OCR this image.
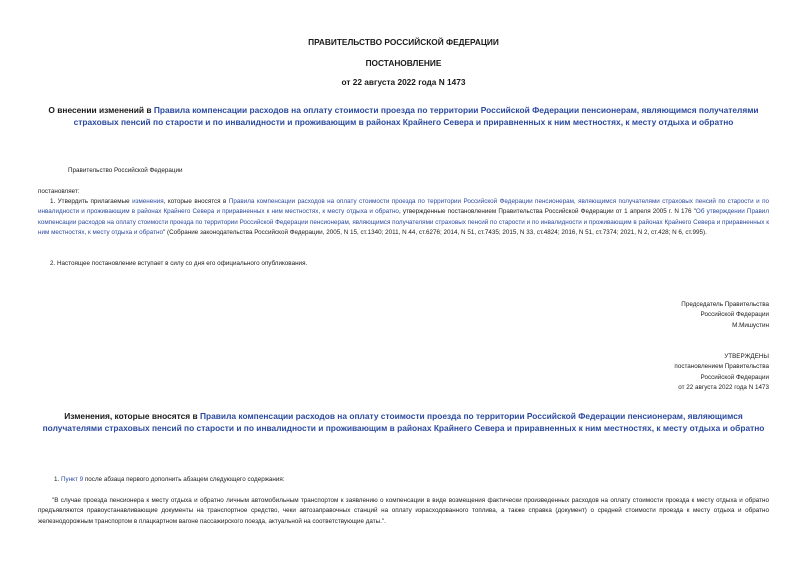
ПРАВИТЕЛЬСТВО РОССИЙСКОЙ ФЕДЕРАЦИИ
ПОСТАНОВЛЕНИЕ
от 22 августа 2022 года N 1473
О внесении изменений в Правила компенсации расходов на оплату стоимости проезда по территории Российской Федерации пенсионерам, являющимся получателями страховых пенсий по старости и по инвалидности и проживающим в районах Крайнего Севера и приравненных к ним местностях, к месту отдыха и обратно
Правительство Российской Федерации
постановляет:
1. Утвердить прилагаемые изменения, которые вносятся в Правила компенсации расходов на оплату стоимости проезда по территории Российской Федерации пенсионерам, являющимся получателями страховых пенсий по старости и по инвалидности и проживающим в районах Крайнего Севера и приравненных к ним местностях, к месту отдыха и обратно, утвержденные постановлением Правительства Российской Федерации от 1 апреля 2005 г. N 176 "Об утверждении Правил компенсации расходов на оплату стоимости проезда по территории Российской Федерации пенсионерам, являющимся получателями страховых пенсий по старости и по инвалидности и проживающим в районах Крайнего Севера и приравненных к ним местностях, к месту отдыха и обратно" (Собрание законодательства Российской Федерации, 2005, N 15, ст.1340; 2011, N 44, ст.6276; 2014, N 51, ст.7435; 2015, N 33, ст.4824; 2016, N 51, ст.7374; 2021, N 2, ст.428; N 6, ст.995).
2. Настоящее постановление вступает в силу со дня его официального опубликования.
Председатель Правительства
Российской Федерации
М.Мишустин
УТВЕРЖДЕНЫ
постановлением Правительства
Российской Федерации
от 22 августа 2022 года N 1473
Изменения, которые вносятся в Правила компенсации расходов на оплату стоимости проезда по территории Российской Федерации пенсионерам, являющимся получателями страховых пенсий по старости и по инвалидности и проживающим в районах Крайнего Севера и приравненных к ним местностях, к месту отдыха и обратно
1. Пункт 9 после абзаца первого дополнить абзацем следующего содержания:
"В случае проезда пенсионера к месту отдыха и обратно личным автомобильным транспортом к заявлению о компенсации в виде возмещения фактически произведенных расходов на оплату стоимости проезда к месту отдыха и обратно предъявляются правоустанавливающие документы на транспортное средство, чеки автозаправочных станций на оплату израсходованного топлива, а также справка (документ) о средней стоимости проезда к месту отдыха и обратно железнодорожным транспортом в плацкартном вагоне пассажирского поезда, актуальной на соответствующие даты.".
